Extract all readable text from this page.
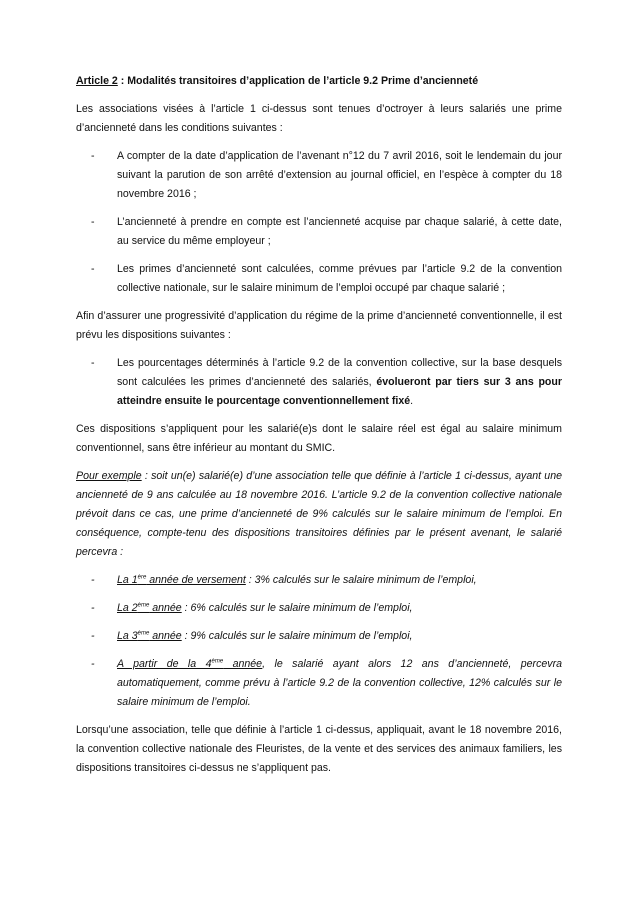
Article 2 : Modalités transitoires d’application de l’article 9.2 Prime d’ancienneté

Les associations visées à l’article 1 ci-dessus sont tenues d’octroyer à leurs salariés une prime d’ancienneté dans les conditions suivantes :

- A compter de la date d’application de l’avenant n°12 du 7 avril 2016, soit le lendemain du jour suivant la parution de son arrêté d’extension au journal officiel, en l’espèce à compter du 18 novembre 2016 ;
- L’ancienneté à prendre en compte est l’ancienneté acquise par chaque salarié, à cette date, au service du même employeur ;
- Les primes d’ancienneté sont calculées, comme prévues par l’article 9.2 de la convention collective nationale, sur le salaire minimum de l’emploi occupé par chaque salarié ;

Afin d’assurer une progressivité d’application du régime de la prime d’ancienneté conventionnelle, il est prévu les dispositions suivantes :

- Les pourcentages déterminés à l’article 9.2 de la convention collective, sur la base desquels sont calculées les primes d’ancienneté des salariés, évolueront par tiers sur 3 ans pour atteindre ensuite le pourcentage conventionnellement fixé.

Ces dispositions s’appliquent pour les salarié(e)s dont le salaire réel est égal au salaire minimum conventionnel, sans être inférieur au montant du SMIC.

Pour exemple : soit un(e) salarié(e) d’une association telle que définie à l’article 1 ci-dessus, ayant une ancienneté de 9 ans calculée au 18 novembre 2016. L’article 9.2 de la convention collective nationale prévoit dans ce cas, une prime d’ancienneté de 9% calculés sur le salaire minimum de l’emploi. En conséquence, compte-tenu des dispositions transitoires définies par le présent avenant, le salarié percevra :

- La 1ère année de versement : 3% calculés sur le salaire minimum de l’emploi,
- La 2ème année : 6% calculés sur le salaire minimum de l’emploi,
- La 3ème année : 9% calculés sur le salaire minimum de l’emploi,
- A partir de la 4ème année, le salarié ayant alors 12 ans d’ancienneté, percevra automatiquement, comme prévu à l’article 9.2 de la convention collective, 12% calculés sur le salaire minimum de l’emploi.

Lorsqu’une association, telle que définie à l’article 1 ci-dessus, appliquait, avant le 18 novembre 2016, la convention collective nationale des Fleuristes, de la vente et des services des animaux familiers, les dispositions transitoires ci-dessus ne s’appliquent pas.
